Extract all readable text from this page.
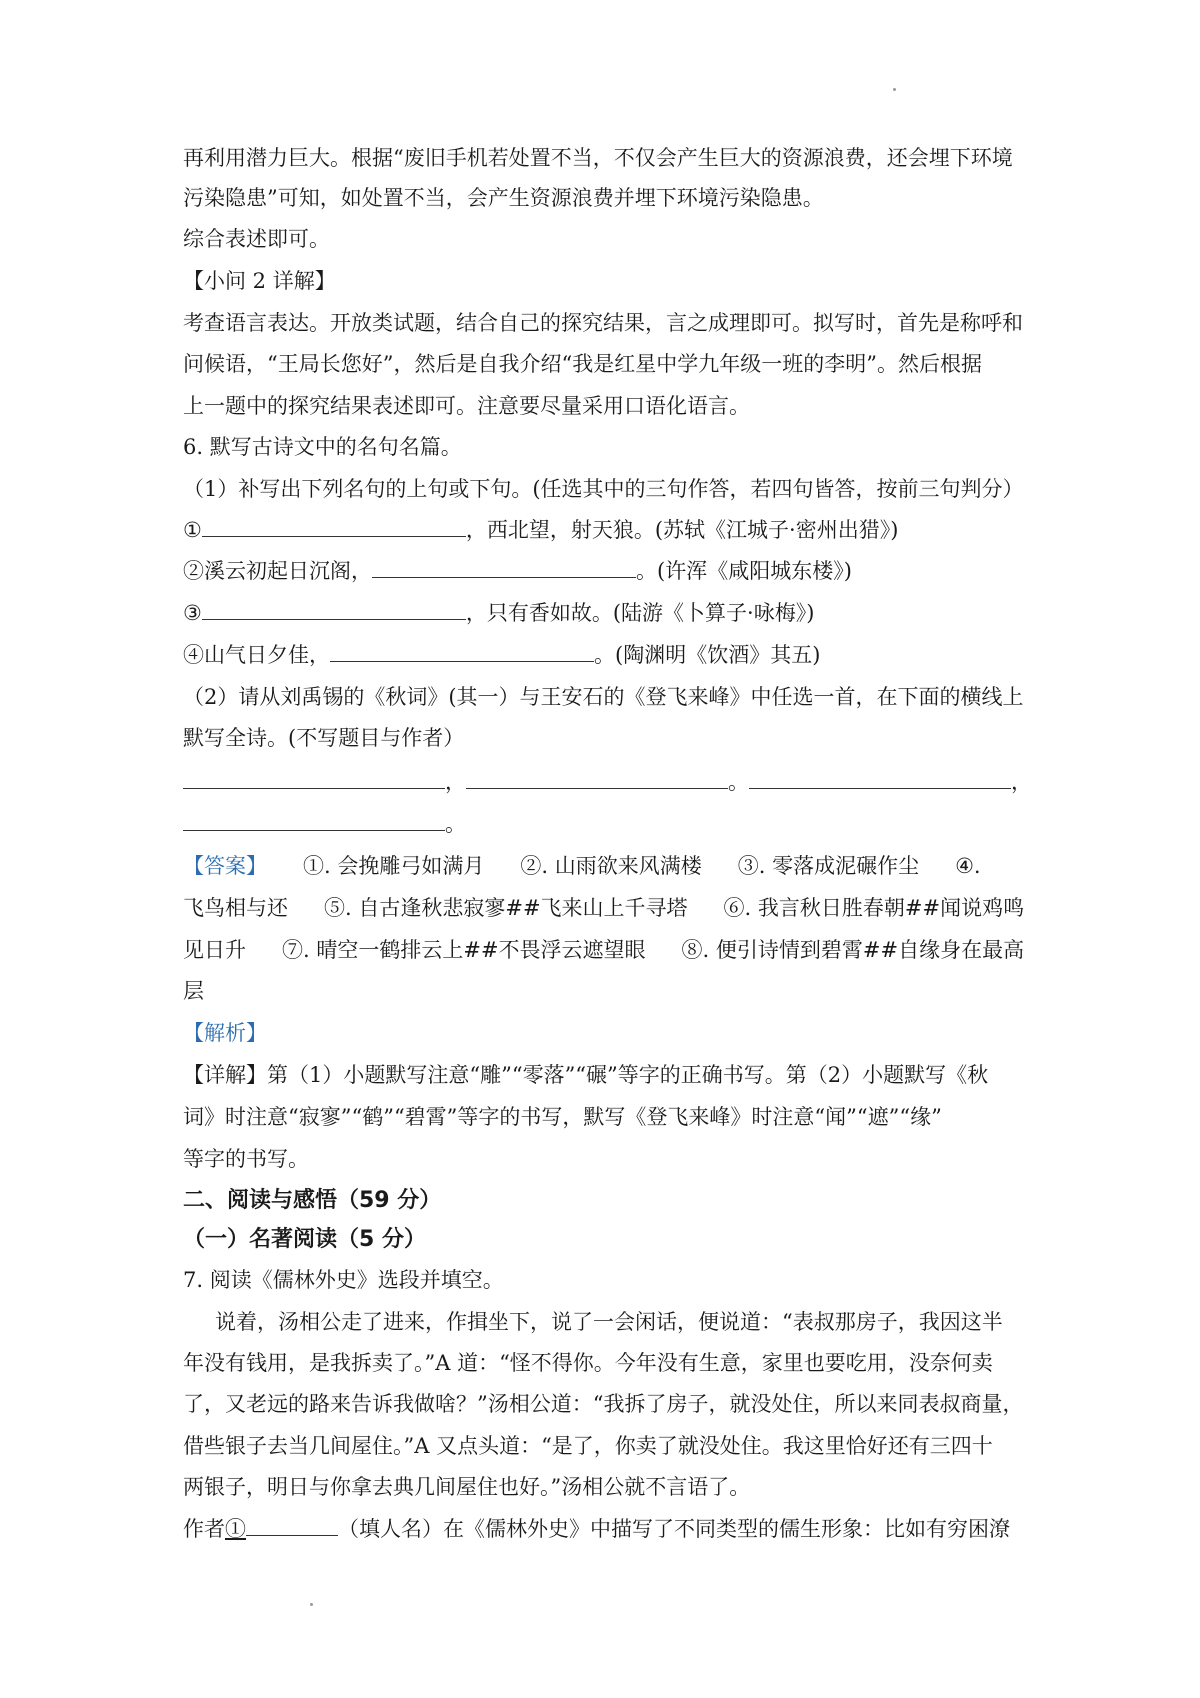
再利用潜力巨大。根据“废旧手机若处置不当，不仅会产生巨大的资源浪费，还会埋下环境
污染隐患”可知，如处置不当，会产生资源浪费并埋下环境污染隐患。
综合表述即可。
【小问 2 详解】
考查语言表达。开放类试题，结合自己的探究结果，言之成理即可。拟写时，首先是称呼和
问候语，“王局长您好”，然后是自我介绍“我是红星中学九年级一班的李明”。然后根据
上一题中的探究结果表述即可。注意要尽量采用口语化语言。
6. 默写古诗文中的名句名篇。
（1）补写出下列名句的上句或下句。(任选其中的三句作答，若四句皆答，按前三句判分）
①	，西北望，射天狼。(苏轼《江城子·密州出猎》)
②溪云初起日沉阁，	。(许浑《咸阳城东楼》)
③	，只有香如故。(陆游《卜算子·咏梅》)
④山气日夕佳，	。(陶渊明《饮酒》其五)
（2）请从刘禹锡的《秋词》(其一）与王安石的《登飞来峰》中任选一首，在下面的横线上
默写全诗。(不写题目与作者）
，	。	，
。
【答案】 ①. 会挽雕弓如满月 ②. 山雨欲来风满楼 ③. 零落成泥碾作尘 ④.
飞鸟相与还 ⑤. 自古逢秋悲寂寥##飞来山上千寻塔 ⑥. 我言秋日胜春朝##闻说鸡鸣
见日升 ⑦. 晴空一鹤排云上##不畏浮云遮望眼 ⑧. 便引诗情到碧霄##自缘身在最高
层
【解析】
【详解】第（1）小题默写注意“雕”“零落”“碾”等字的正确书写。第（2）小题默写《秋
词》时注意“寂寥”“鹤”“碧霄”等字的书写，默写《登飞来峰》时注意“闻”“遮”“缘”
等字的书写。
二、阅读与感悟（59 分）
（一）名著阅读（5 分）
7. 阅读《儒林外史》选段并填空。
说着，汤相公走了进来，作揖坐下，说了一会闲话，便说道：“表叔那房子，我因这半
年没有钱用，是我拆卖了。”A 道：“怪不得你。今年没有生意，家里也要吃用，没奈何卖
了，又老远的路来告诉我做啥？”汤相公道：“我拆了房子，就没处住，所以来同表叔商量，
借些银子去当几间屋住。”A 又点头道：“是了，你卖了就没处住。我这里恰好还有三四十
两银子，明日与你拿去典几间屋住也好。”汤相公就不言语了。
作者①	（填人名）在《儒林外史》中描写了不同类型的儒生形象：比如有穷困潦
